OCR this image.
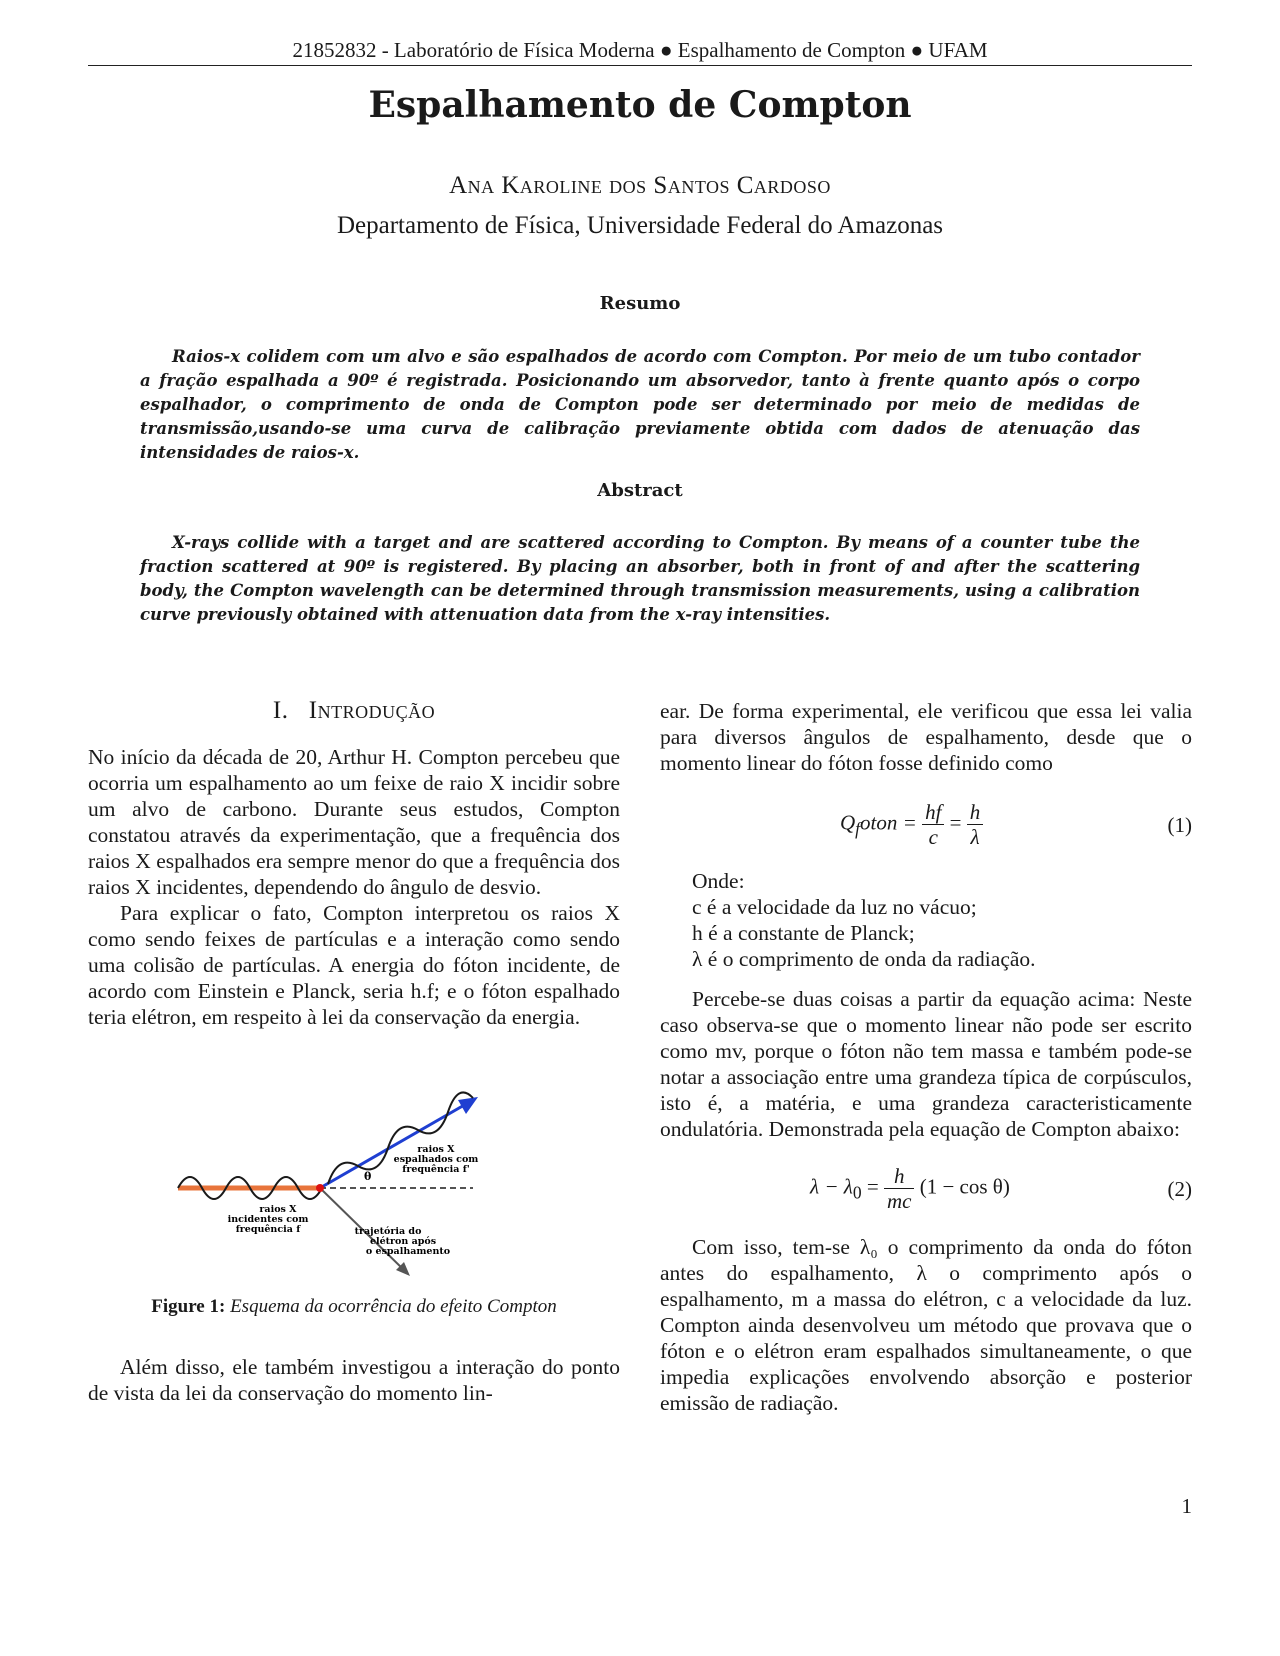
21852832 - Laboratório de Física Moderna ● Espalhamento de Compton ● UFAM
Espalhamento de Compton
Ana Karoline dos Santos Cardoso
Departamento de Física, Universidade Federal do Amazonas
Resumo
Raios-x colidem com um alvo e são espalhados de acordo com Compton. Por meio de um tubo contador a fração espalhada a 90º é registrada. Posicionando um absorvedor, tanto à frente quanto após o corpo espalhador, o comprimento de onda de Compton pode ser determinado por meio de medidas de transmissão,usando-se uma curva de calibração previamente obtida com dados de atenuação das intensidades de raios-x.
Abstract
X-rays collide with a target and are scattered according to Compton. By means of a counter tube the fraction scattered at 90º is registered. By placing an absorber, both in front of and after the scattering body, the Compton wavelength can be determined through transmission measurements, using a calibration curve previously obtained with attenuation data from the x-ray intensities.
I. Introdução

No início da década de 20, Arthur H. Compton percebeu que ocorria um espalhamento ao um feixe de raio X incidir sobre um alvo de carbono. Durante seus estudos, Compton constatou através da experimentação, que a frequência dos raios X espalhados era sempre menor do que a frequência dos raios X incidentes, dependendo do ângulo de desvio.

Para explicar o fato, Compton interpretou os raios X como sendo feixes de partículas e a interação como sendo uma colisão de partículas. A energia do fóton incidente, de acordo com Einstein e Planck, seria h.f; e o fóton espalhado teria elétron, em respeito à lei da conservação da energia.

θ
raios X
espalhados com
frequência f'
raios X
incidentes com
frequência f	trajetória do
elétron após
o espalhamento
Figure 1: Esquema da ocorrência do efeito Compton

Além disso, ele também investigou a interação do ponto de vista da lei da conservação do momento lin-

ear. De forma experimental, ele verificou que essa lei valia para diversos ângulos de espalhamento, desde que o momento linear do fóton fosse definido como

$Q_foton = \frac{hf}{c} = \frac{h}{\lambda}$	(1)
Onde:
c é a velocidade da luz no vácuo;
h é a constante de Planck;
λ é o comprimento de onda da radiação.

Percebe-se duas coisas a partir da equação acima: Neste caso observa-se que o momento linear não pode ser escrito como mv, porque o fóton não tem massa e também pode-se notar a associação entre uma grandeza típica de corpúsculos, isto é, a matéria, e uma grandeza caracteristicamente ondulatória. Demonstrada pela equação de Compton abaixo:

$\lambda - \lambda_0 = \frac{h}{mc} (1 - \cos \theta)$	(2)

Com isso, tem-se λ₀ o comprimento da onda do fóton antes do espalhamento, λ o comprimento após o espalhamento, m a massa do elétron, c a velocidade da luz. Compton ainda desenvolveu um método que provava que o fóton e o elétron eram espalhados simultaneamente, o que impedia explicações envolvendo absorção e posterior emissão de radiação.

1
